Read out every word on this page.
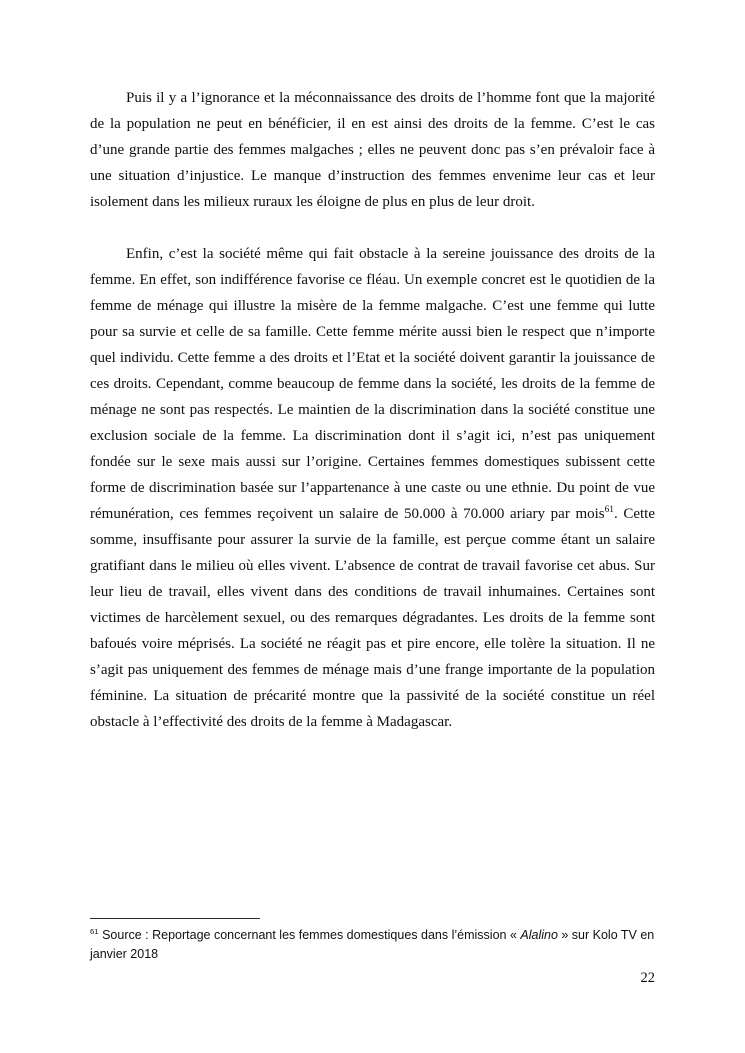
Puis il y a l’ignorance et la méconnaissance des droits de l’homme font que la majorité de la population ne peut en bénéficier, il en est ainsi des droits de la femme. C’est le cas d’une grande partie des femmes malgaches ; elles ne peuvent donc pas s’en prévaloir face à une situation d’injustice. Le manque d’instruction des femmes envenime leur cas et leur isolement dans les milieux ruraux les éloigne de plus en plus de leur droit.

Enfin, c’est la société même qui fait obstacle à la sereine jouissance des droits de la femme. En effet, son indifférence favorise ce fléau. Un exemple concret est le quotidien de la femme de ménage qui illustre la misère de la femme malgache. C’est une femme qui lutte pour sa survie et celle de sa famille. Cette femme mérite aussi bien le respect que n’importe quel individu. Cette femme a des droits et l’Etat et la société doivent garantir la jouissance de ces droits. Cependant, comme beaucoup de femme dans la société, les droits de la femme de ménage ne sont pas respectés. Le maintien de la discrimination dans la société constitue une exclusion sociale de la femme. La discrimination dont il s’agit ici, n’est pas uniquement fondée sur le sexe mais aussi sur l’origine. Certaines femmes domestiques subissent cette forme de discrimination basée sur l’appartenance à une caste ou une ethnie. Du point de vue rémunération, ces femmes reçoivent un salaire de 50.000 à 70.000 ariary par mois$^{61}$. Cette somme, insuffisante pour assurer la survie de la famille, est perçue comme étant un salaire gratifiant dans le milieu où elles vivent. L’absence de contrat de travail favorise cet abus. Sur leur lieu de travail, elles vivent dans des conditions de travail inhumaines. Certaines sont victimes de harcèlement sexuel, ou des remarques dégradantes. Les droits de la femme sont bafoués voire méprisés. La société ne réagit pas et pire encore, elle tolère la situation. Il ne s’agit pas uniquement des femmes de ménage mais d’une frange importante de la population féminine. La situation de précarité montre que la passivité de la société constitue un réel obstacle à l’effectivité des droits de la femme à Madagascar.

$^{61}$ Source : Reportage concernant les femmes domestiques dans l’émission « Alalino » sur Kolo TV en janvier 2018

22
